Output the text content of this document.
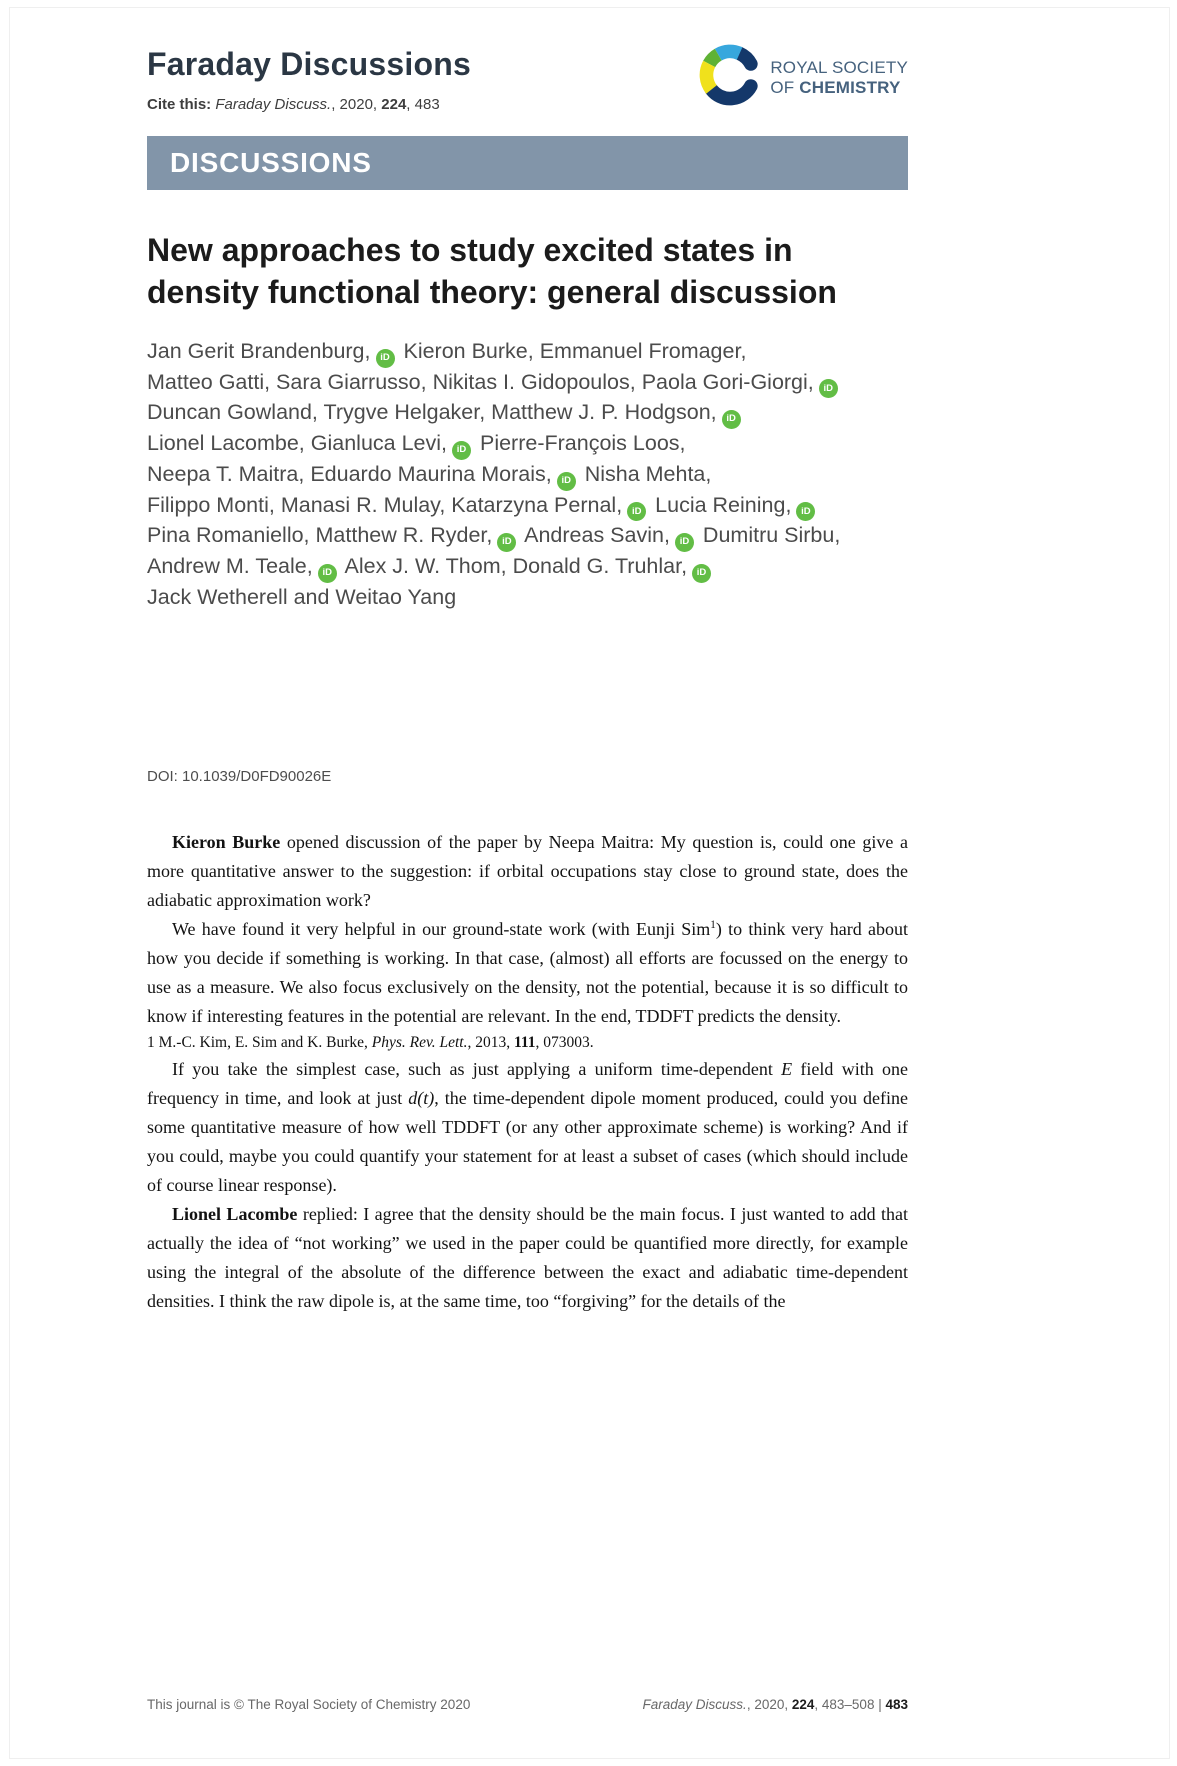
Faraday Discussions
Cite this: Faraday Discuss., 2020, 224, 483
ROYAL SOCIETY
OF CHEMISTRY
DISCUSSIONS
New approaches to study excited states in density functional theory: general discussion
Jan Gerit Brandenburg, iD Kieron Burke, Emmanuel Fromager,
Matteo Gatti, Sara Giarrusso, Nikitas I. Gidopoulos, Paola Gori-Giorgi, iD
Duncan Gowland, Trygve Helgaker, Matthew J. P. Hodgson, iD
Lionel Lacombe, Gianluca Levi, iD Pierre-François Loos,
Neepa T. Maitra, Eduardo Maurina Morais, iD Nisha Mehta,
Filippo Monti, Manasi R. Mulay, Katarzyna Pernal, iD Lucia Reining, iD
Pina Romaniello, Matthew R. Ryder, iD Andreas Savin, iD Dumitru Sirbu,
Andrew M. Teale, iD Alex J. W. Thom, Donald G. Truhlar, iD
Jack Wetherell and Weitao Yang
DOI: 10.1039/D0FD90026E

Kieron Burke opened discussion of the paper by Neepa Maitra: My question is, could one give a more quantitative answer to the suggestion: if orbital occupations stay close to ground state, does the adiabatic approximation work?

We have found it very helpful in our ground-state work (with Eunji Sim$^1$) to think very hard about how you decide if something is working. In that case, (almost) all efforts are focussed on the energy to use as a measure. We also focus exclusively on the density, not the potential, because it is so difficult to know if interesting features in the potential are relevant. In the end, TDDFT predicts the density.

1 M.-C. Kim, E. Sim and K. Burke, Phys. Rev. Lett., 2013, 111, 073003.

If you take the simplest case, such as just applying a uniform time-dependent E field with one frequency in time, and look at just d(t), the time-dependent dipole moment produced, could you define some quantitative measure of how well TDDFT (or any other approximate scheme) is working? And if you could, maybe you could quantify your statement for at least a subset of cases (which should include of course linear response).

Lionel Lacombe replied: I agree that the density should be the main focus. I just wanted to add that actually the idea of “not working” we used in the paper could be quantified more directly, for example using the integral of the absolute of the difference between the exact and adiabatic time-dependent densities. I think the raw dipole is, at the same time, too “forgiving” for the details of the

This journal is © The Royal Society of Chemistry 2020	Faraday Discuss., 2020, 224, 483–508 | 483
